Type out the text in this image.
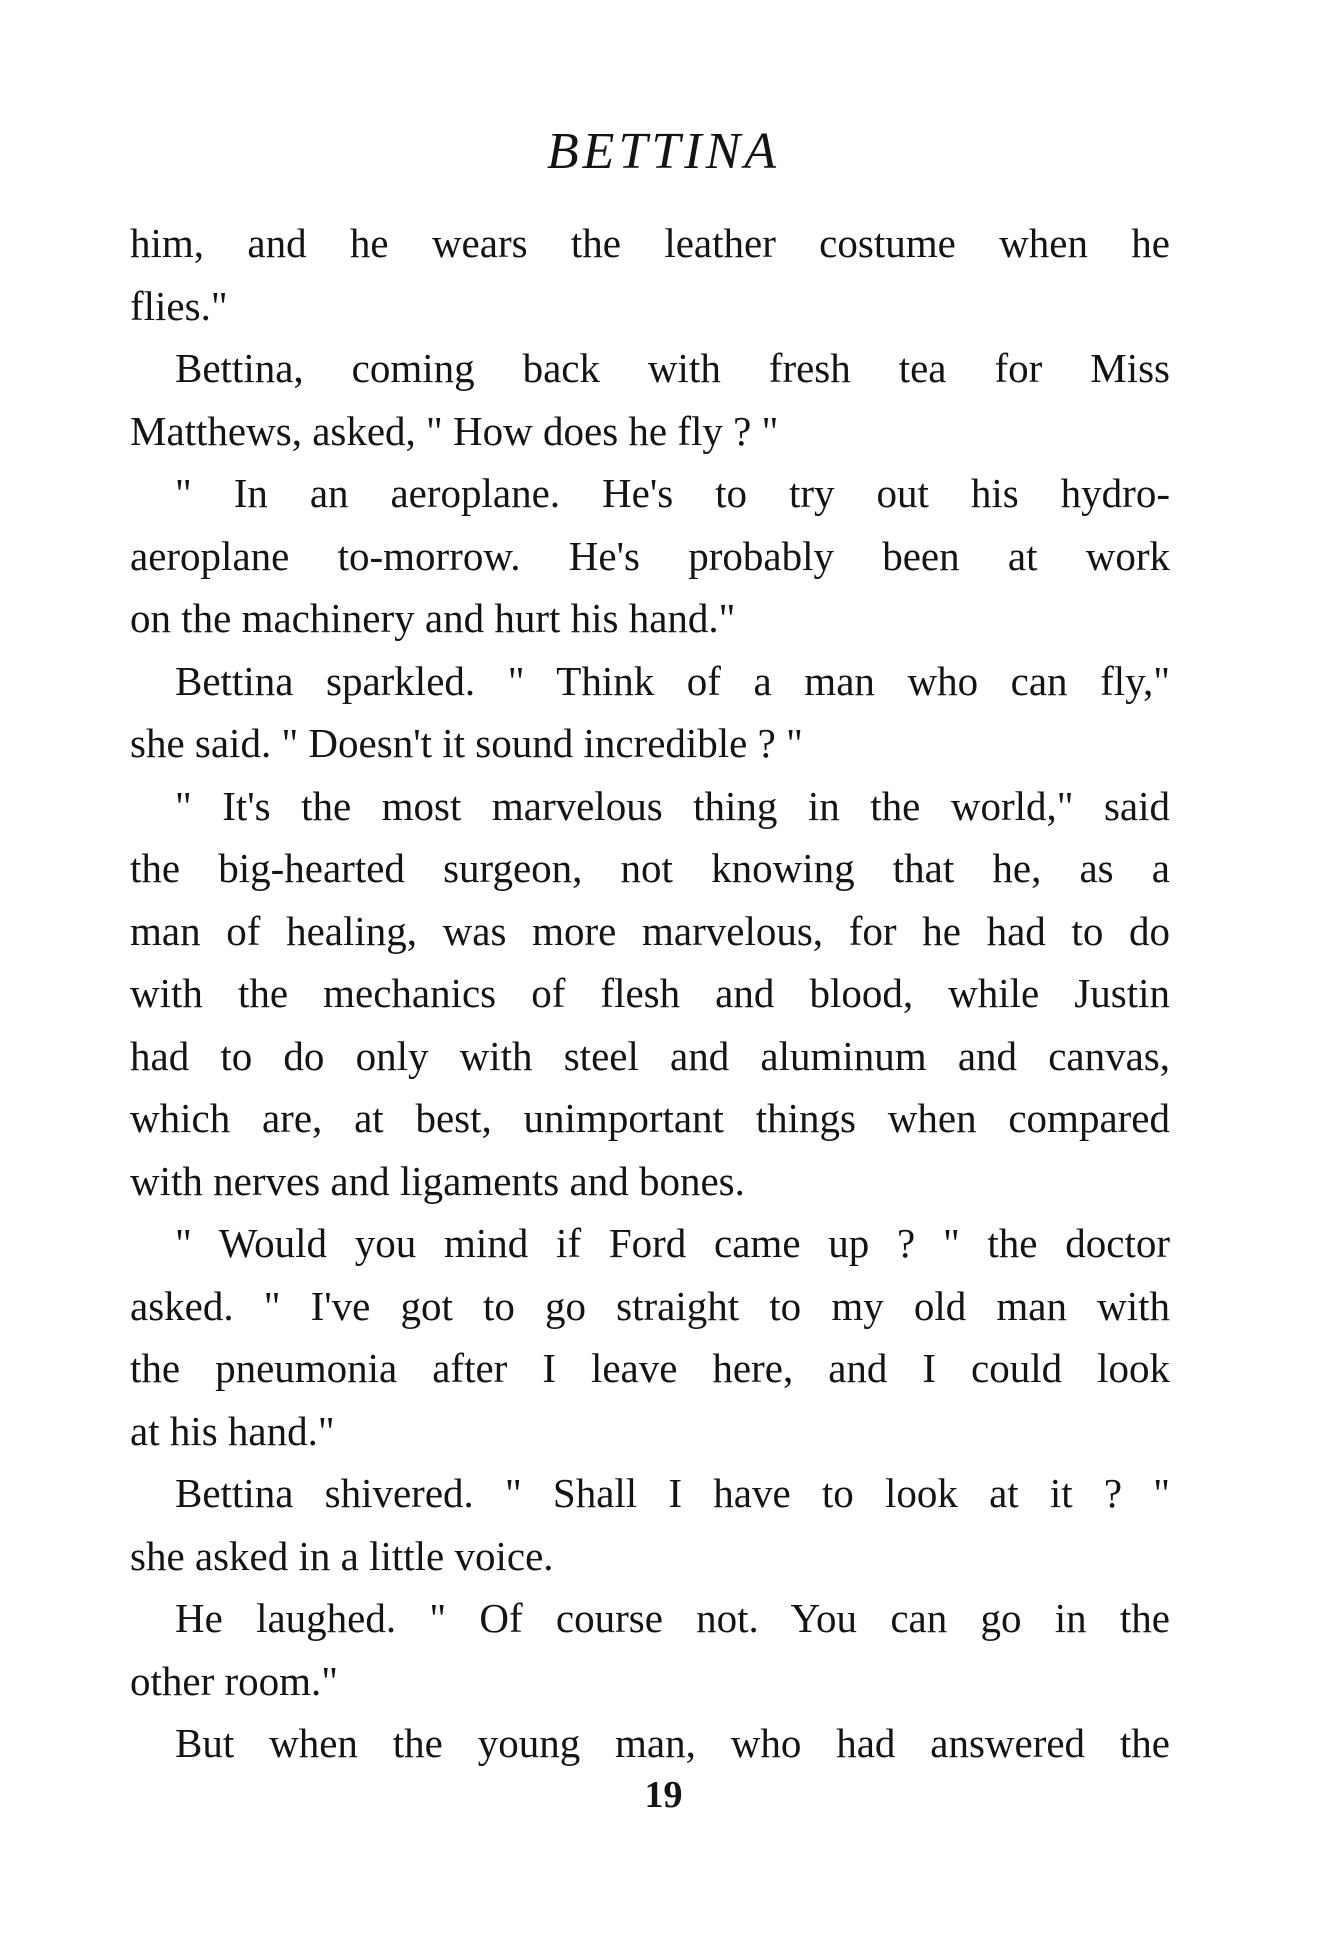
BETTINA
him, and he wears the leather costume when he
flies."
Bettina, coming back with fresh tea for Miss
Matthews, asked, " How does he fly ? "
" In an aeroplane. He's to try out his hydro-
aeroplane to-morrow. He's probably been at work
on the machinery and hurt his hand."
Bettina sparkled. " Think of a man who can fly,"
she said. " Doesn't it sound incredible ? "
" It's the most marvelous thing in the world," said
the big-hearted surgeon, not knowing that he, as a
man of healing, was more marvelous, for he had to do
with the mechanics of flesh and blood, while Justin
had to do only with steel and aluminum and canvas,
which are, at best, unimportant things when compared
with nerves and ligaments and bones.
" Would you mind if Ford came up ? " the doctor
asked. " I've got to go straight to my old man with
the pneumonia after I leave here, and I could look
at his hand."
Bettina shivered. " Shall I have to look at it ? "
she asked in a little voice.
He laughed. " Of course not. You can go in the
other room."
But when the young man, who had answered the
19
